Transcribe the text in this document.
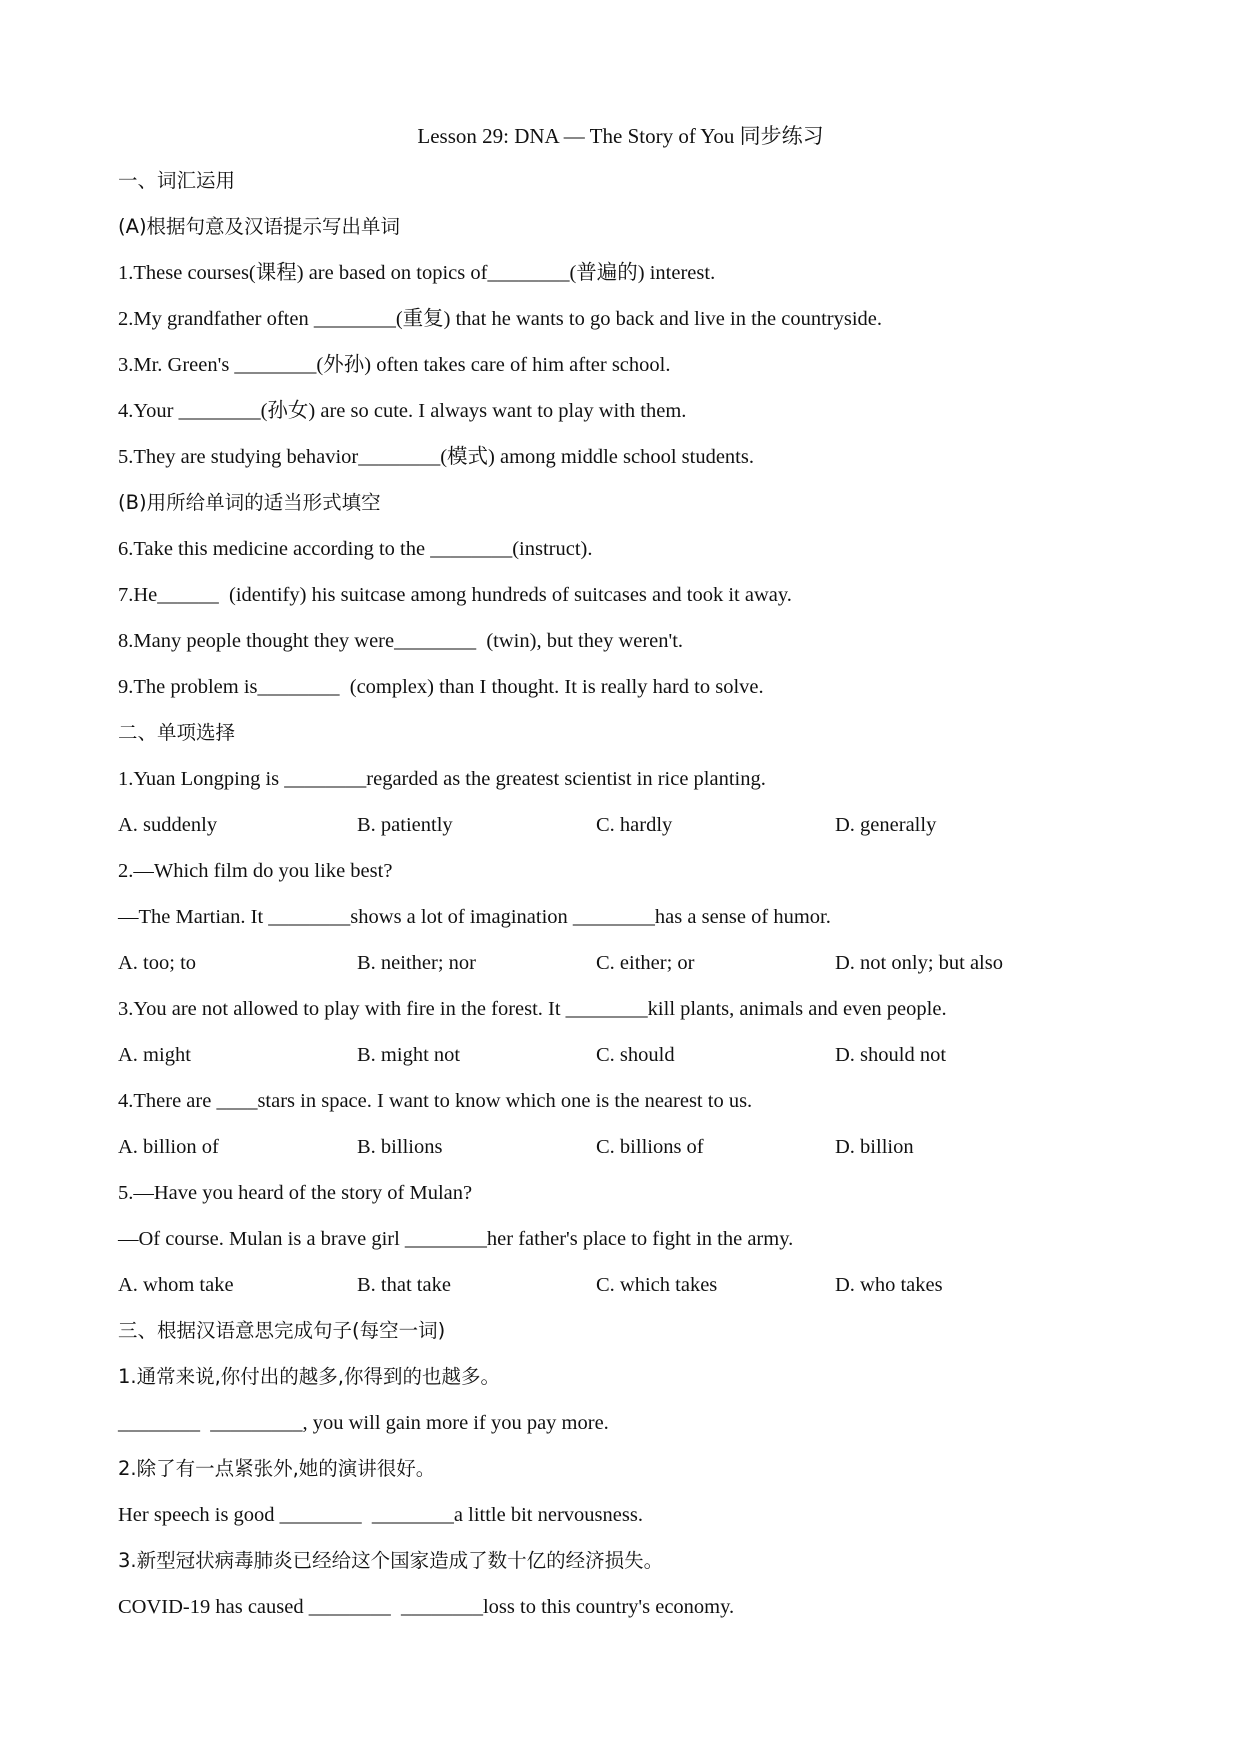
Lesson 29: DNA — The Story of You 同步练习
一、词汇运用
(A)根据句意及汉语提示写出单词
1.These courses(课程) are based on topics of________(普遍的) interest.
2.My grandfather often ________(重复) that he wants to go back and live in the countryside.
3.Mr. Green's ________(外孙) often takes care of him after school.
4.Your ________(孙女) are so cute. I always want to play with them.
5.They are studying behavior________(模式) among middle school students.
(B)用所给单词的适当形式填空
6.Take this medicine according to the ________(instruct).
7.He______  (identify) his suitcase among hundreds of suitcases and took it away.
8.Many people thought they were________  (twin), but they weren't.
9.The problem is________  (complex) than I thought. It is really hard to solve.
二、单项选择
1.Yuan Longping is ________regarded as the greatest scientist in rice planting.
A. suddenly	B. patiently	C. hardly	D. generally
2.—Which film do you like best?
—The Martian. It ________shows a lot of imagination ________has a sense of humor.
A. too; to	B. neither; nor	C. either; or	D. not only; but also
3.You are not allowed to play with fire in the forest. It ________kill plants, animals and even people.
A. might	B. might not	C. should	D. should not
4.There are ____stars in space. I want to know which one is the nearest to us.
A. billion of	B. billions	C. billions of	D. billion
5.—Have you heard of the story of Mulan?
—Of course. Mulan is a brave girl ________her father's place to fight in the army.
A. whom take	B. that take	C. which takes	D. who takes
三、根据汉语意思完成句子(每空一词)
1.通常来说,你付出的越多,你得到的也越多。
________  _________, you will gain more if you pay more.
2.除了有一点紧张外,她的演讲很好。
Her speech is good ________  ________a little bit nervousness.
3.新型冠状病毒肺炎已经给这个国家造成了数十亿的经济损失。
COVID-19 has caused ________  ________loss to this country's economy.
